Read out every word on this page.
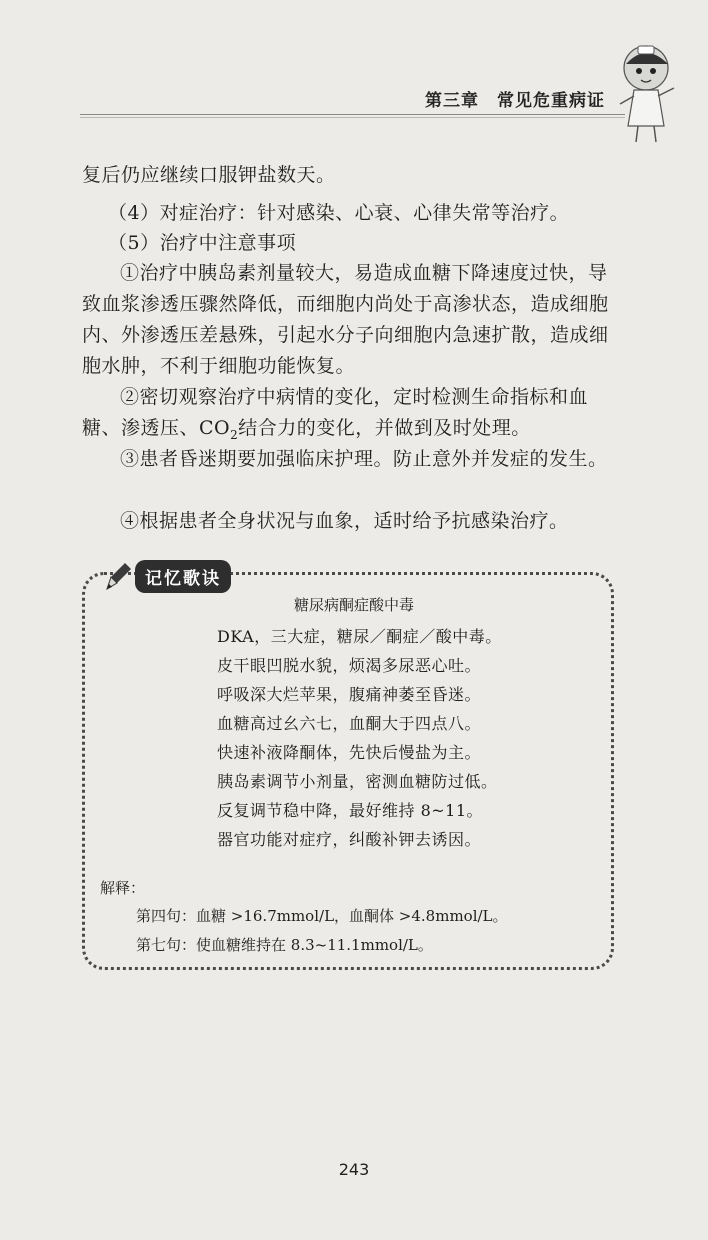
第三章　常见危重病证

复后仍应继续口服钾盐数天。

（4）对症治疗：针对感染、心衰、心律失常等治疗。

（5）治疗中注意事项

①治疗中胰岛素剂量较大，易造成血糖下降速度过快，导致血浆渗透压骤然降低，而细胞内尚处于高渗状态，造成细胞内、外渗透压差悬殊，引起水分子向细胞内急速扩散，造成细胞水肿，不利于细胞功能恢复。

②密切观察治疗中病情的变化，定时检测生命指标和血糖、渗透压、$CO_2$结合力的变化，并做到及时处理。

③患者昏迷期要加强临床护理。防止意外并发症的发生。

④根据患者全身状况与血象，适时给予抗感染治疗。

记忆歌诀
糖尿病酮症酸中毒
DKA，三大症，糖尿／酮症／酸中毒。
皮干眼凹脱水貌，烦渴多尿恶心吐。
呼吸深大烂苹果，腹痛神萎至昏迷。
血糖高过幺六七，血酮大于四点八。
快速补液降酮体，先快后慢盐为主。
胰岛素调节小剂量，密测血糖防过低。
反复调节稳中降，最好维持 8~11。
器官功能对症疗，纠酸补钾去诱因。
解释：
第四句：血糖 >16.7mmol/L，血酮体 >4.8mmol/L。
第七句：使血糖维持在 8.3~11.1mmol/L。
243
